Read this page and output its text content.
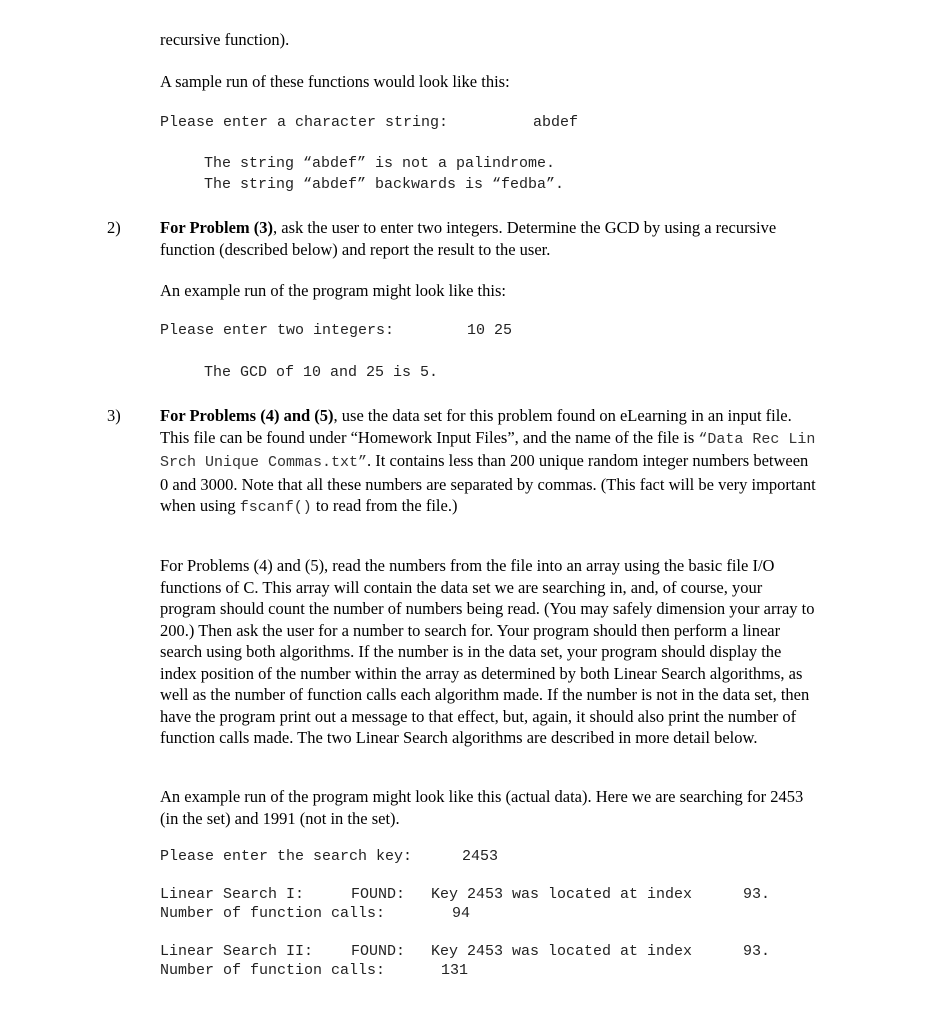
recursive function).
A sample run of these functions would look like this:
Please enter a character string:	abdef
The string “abdef” is not a palindrome.
The string “abdef” backwards is “fedba”.
2) For Problem (3), ask the user to enter two integers. Determine the GCD by using a recursive function (described below) and report the result to the user.
An example run of the program might look like this:
Please enter two integers:	10 25
The GCD of 10 and 25 is 5.
3) For Problems (4) and (5), use the data set for this problem found on eLearning in an input file. This file can be found under “Homework Input Files”, and the name of the file is “Data Rec Lin Srch Unique Commas.txt”. It contains less than 200 unique random integer numbers between 0 and 3000. Note that all these numbers are separated by commas. (This fact will be very important when using fscanf() to read from the file.)
For Problems (4) and (5), read the numbers from the file into an array using the basic file I/O functions of C. This array will contain the data set we are searching in, and, of course, your program should count the number of numbers being read. (You may safely dimension your array to 200.) Then ask the user for a number to search for. Your program should then perform a linear search using both algorithms. If the number is in the data set, your program should display the index position of the number within the array as determined by both Linear Search algorithms, as well as the number of function calls each algorithm made. If the number is not in the data set, then have the program print out a message to that effect, but, again, it should also print the number of function calls made. The two Linear Search algorithms are described in more detail below.
An example run of the program might look like this (actual data). Here we are searching for 2453 (in the set) and 1991 (not in the set).
Please enter the search key:	2453
Linear Search I:	FOUND: Key 2453 was located at index	93.
Number of function calls:	94
Linear Search II:	FOUND: Key 2453 was located at index	93.
Number of function calls:	131
